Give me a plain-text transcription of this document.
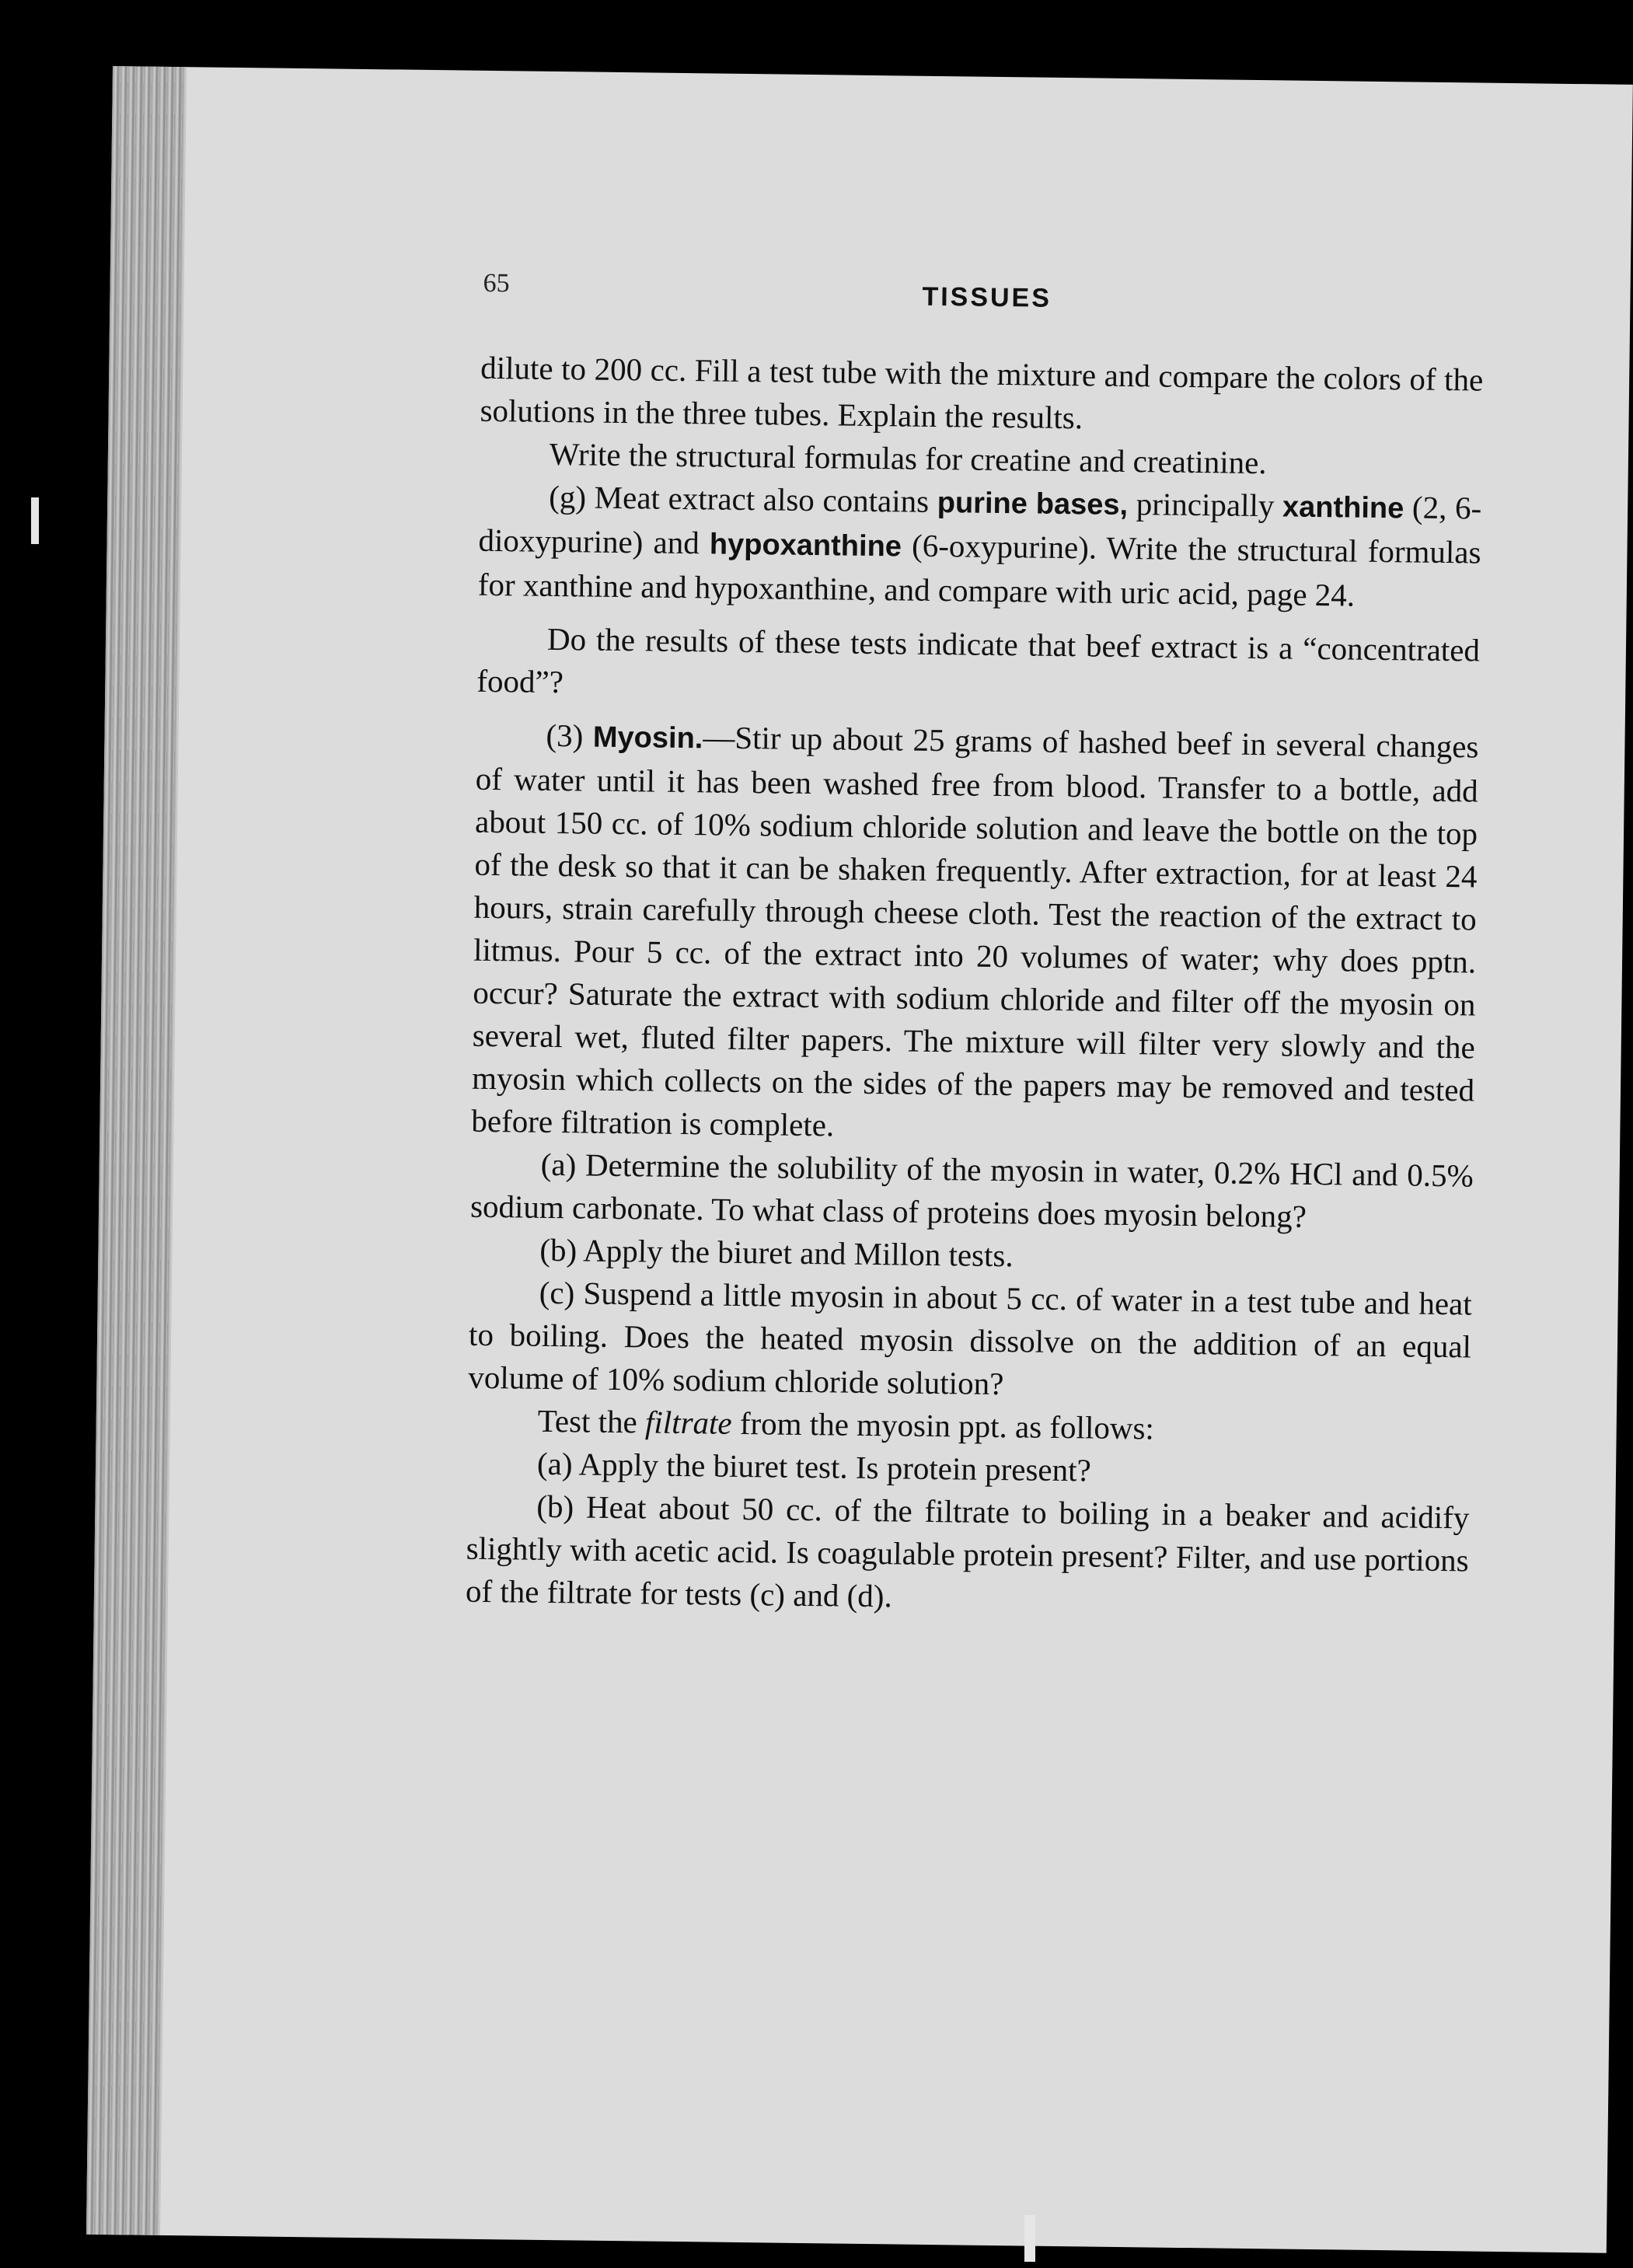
65	TISSUES

dilute to 200 cc. Fill a test tube with the mixture and compare the colors of the solutions in the three tubes. Explain the results.

Write the structural formulas for creatine and creatinine.

(g) Meat extract also contains purine bases, principally xanthine (2, 6-dioxypurine) and hypoxanthine (6-oxypurine). Write the structural formulas for xanthine and hypoxanthine, and compare with uric acid, page 24.

Do the results of these tests indicate that beef extract is a “concentrated food”?

(3) Myosin.—Stir up about 25 grams of hashed beef in several changes of water until it has been washed free from blood. Transfer to a bottle, add about 150 cc. of 10% sodium chloride solution and leave the bottle on the top of the desk so that it can be shaken frequently. After extraction, for at least 24 hours, strain carefully through cheese cloth. Test the reaction of the extract to litmus. Pour 5 cc. of the extract into 20 volumes of water; why does pptn. occur? Saturate the extract with sodium chloride and filter off the myosin on several wet, fluted filter papers. The mixture will filter very slowly and the myosin which collects on the sides of the papers may be removed and tested before filtration is complete.

(a) Determine the solubility of the myosin in water, 0.2% HCl and 0.5% sodium carbonate. To what class of proteins does myosin belong?

(b) Apply the biuret and Millon tests.

(c) Suspend a little myosin in about 5 cc. of water in a test tube and heat to boiling. Does the heated myosin dissolve on the addition of an equal volume of 10% sodium chloride solution?

Test the filtrate from the myosin ppt. as follows:

(a) Apply the biuret test. Is protein present?

(b) Heat about 50 cc. of the filtrate to boiling in a beaker and acidify slightly with acetic acid. Is coagulable protein present? Filter, and use portions of the filtrate for tests (c) and (d).
